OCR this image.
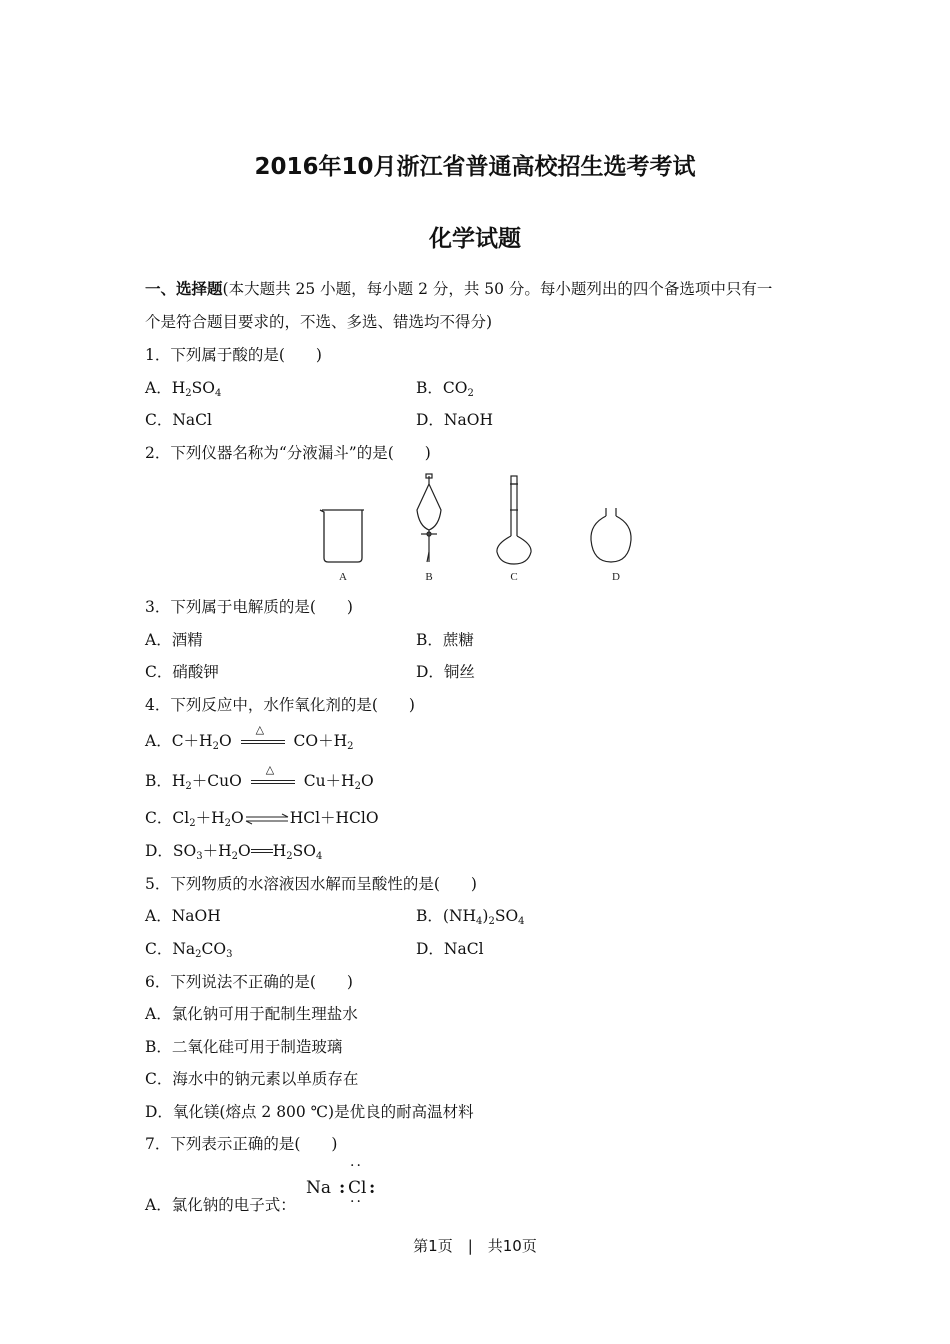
2016年10月浙江省普通高校招生选考考试
化学试题
一、选择题(本大题共 25 小题，每小题 2 分，共 50 分。每小题列出的四个备选项中只有一
个是符合题目要求的，不选、多选、错选均不得分)
1．下列属于酸的是(　　)
A．$H_2SO_4$	B．$CO_2$
C．NaCl	D．NaOH
2．下列仪器名称为“分液漏斗”的是(　　)
A	B	C	D
3．下列属于电解质的是(　　)
A．酒精	B．蔗糖
C．硝酸钾	D．铜丝
4．下列反应中，水作氧化剂的是(　　)
A．$C+H_2O$
△
$CO+H_2$
B．$H_2+CuO$
△
$Cu+H_2O$
C．$Cl_2+H_2O\rightleftharpoons HCl+HClO$
D．$SO_3+H_2O$ $H_2SO_4$
5．下列物质的水溶液因水解而呈酸性的是(　　)
A．NaOH	B．$(NH_4)_2SO_4$
C．$Na_2CO_3$	D．NaCl
6．下列说法不正确的是(　　)
A．氯化钠可用于配制生理盐水
B．二氧化硅可用于制造玻璃
C．海水中的钠元素以单质存在
D．氧化镁(熔点 2 800 ℃)是优良的耐高温材料
7．下列表示正确的是(　　)
A．氯化钠的电子式：
Na : Cl :
··
··
第1页　|　共10页
